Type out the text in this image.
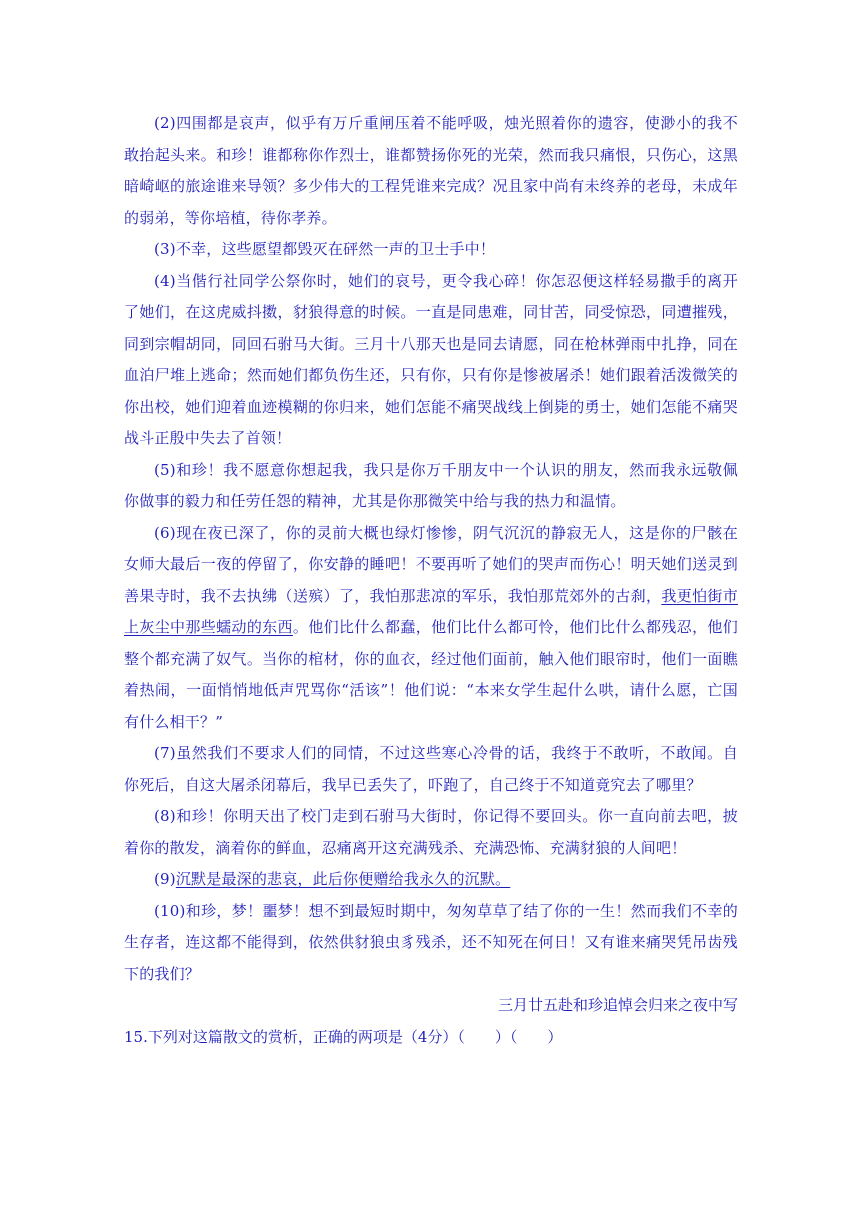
(2)四围都是哀声，似乎有万斤重闸压着不能呼吸，烛光照着你的遗容，使渺小的我不敢抬起头来。和珍！谁都称你作烈士，谁都赞扬你死的光荣，然而我只痛恨，只伤心，这黑暗崎岖的旅途谁来导领？多少伟大的工程凭谁来完成？况且家中尚有未终养的老母，未成年的弱弟，等你培植，待你孝养。

(3)不幸，这些愿望都毁灭在砰然一声的卫士手中！

(4)当偕行社同学公祭你时，她们的哀号，更令我心碎！你怎忍便这样轻易撒手的离开了她们，在这虎威抖擞，豺狼得意的时候。一直是同患难，同甘苦，同受惊恐，同遭摧残，同到宗帽胡同，同回石驸马大街。三月十八那天也是同去请愿，同在枪林弹雨中扎挣，同在血泊尸堆上逃命；然而她们都负伤生还，只有你，只有你是惨被屠杀！她们跟着活泼微笑的你出校，她们迎着血迹模糊的你归来，她们怎能不痛哭战线上倒毙的勇士，她们怎能不痛哭战斗正殷中失去了首领！

(5)和珍！我不愿意你想起我，我只是你万千朋友中一个认识的朋友，然而我永远敬佩你做事的毅力和任劳任怨的精神，尤其是你那微笑中给与我的热力和温情。

(6)现在夜已深了，你的灵前大概也绿灯惨惨，阴气沉沉的静寂无人，这是你的尸骸在女师大最后一夜的停留了，你安静的睡吧！不要再听了她们的哭声而伤心！明天她们送灵到善果寺时，我不去执绋（送殡）了，我怕那悲凉的军乐，我怕那荒郊外的古刹，我更怕街市上灰尘中那些蠕动的东西。他们比什么都蠢，他们比什么都可怜，他们比什么都残忍，他们整个都充满了奴气。当你的棺材，你的血衣，经过他们面前，触入他们眼帘时，他们一面瞧着热闹，一面悄悄地低声咒骂你“活该”！他们说：“本来女学生起什么哄，请什么愿，亡国有什么相干？”

(7)虽然我们不要求人们的同情，不过这些寒心冷骨的话，我终于不敢听，不敢闻。自你死后，自这大屠杀闭幕后，我早已丢失了，吓跑了，自己终于不知道竟究去了哪里？

(8)和珍！你明天出了校门走到石驸马大街时，你记得不要回头。你一直向前去吧，披着你的散发，滴着你的鲜血，忍痛离开这充满残杀、充满恐怖、充满豺狼的人间吧！

(9)沉默是最深的悲哀，此后你便赠给我永久的沉默。

(10)和珍，梦！噩梦！想不到最短时期中，匆匆草草了结了你的一生！然而我们不幸的生存者，连这都不能得到，依然供豺狼虫豸残杀，还不知死在何日！又有谁来痛哭凭吊齿残下的我们？

三月廿五赴和珍追悼会归来之夜中写

15.下列对这篇散文的赏析，正确的两项是（4分）（　　）（　　）
